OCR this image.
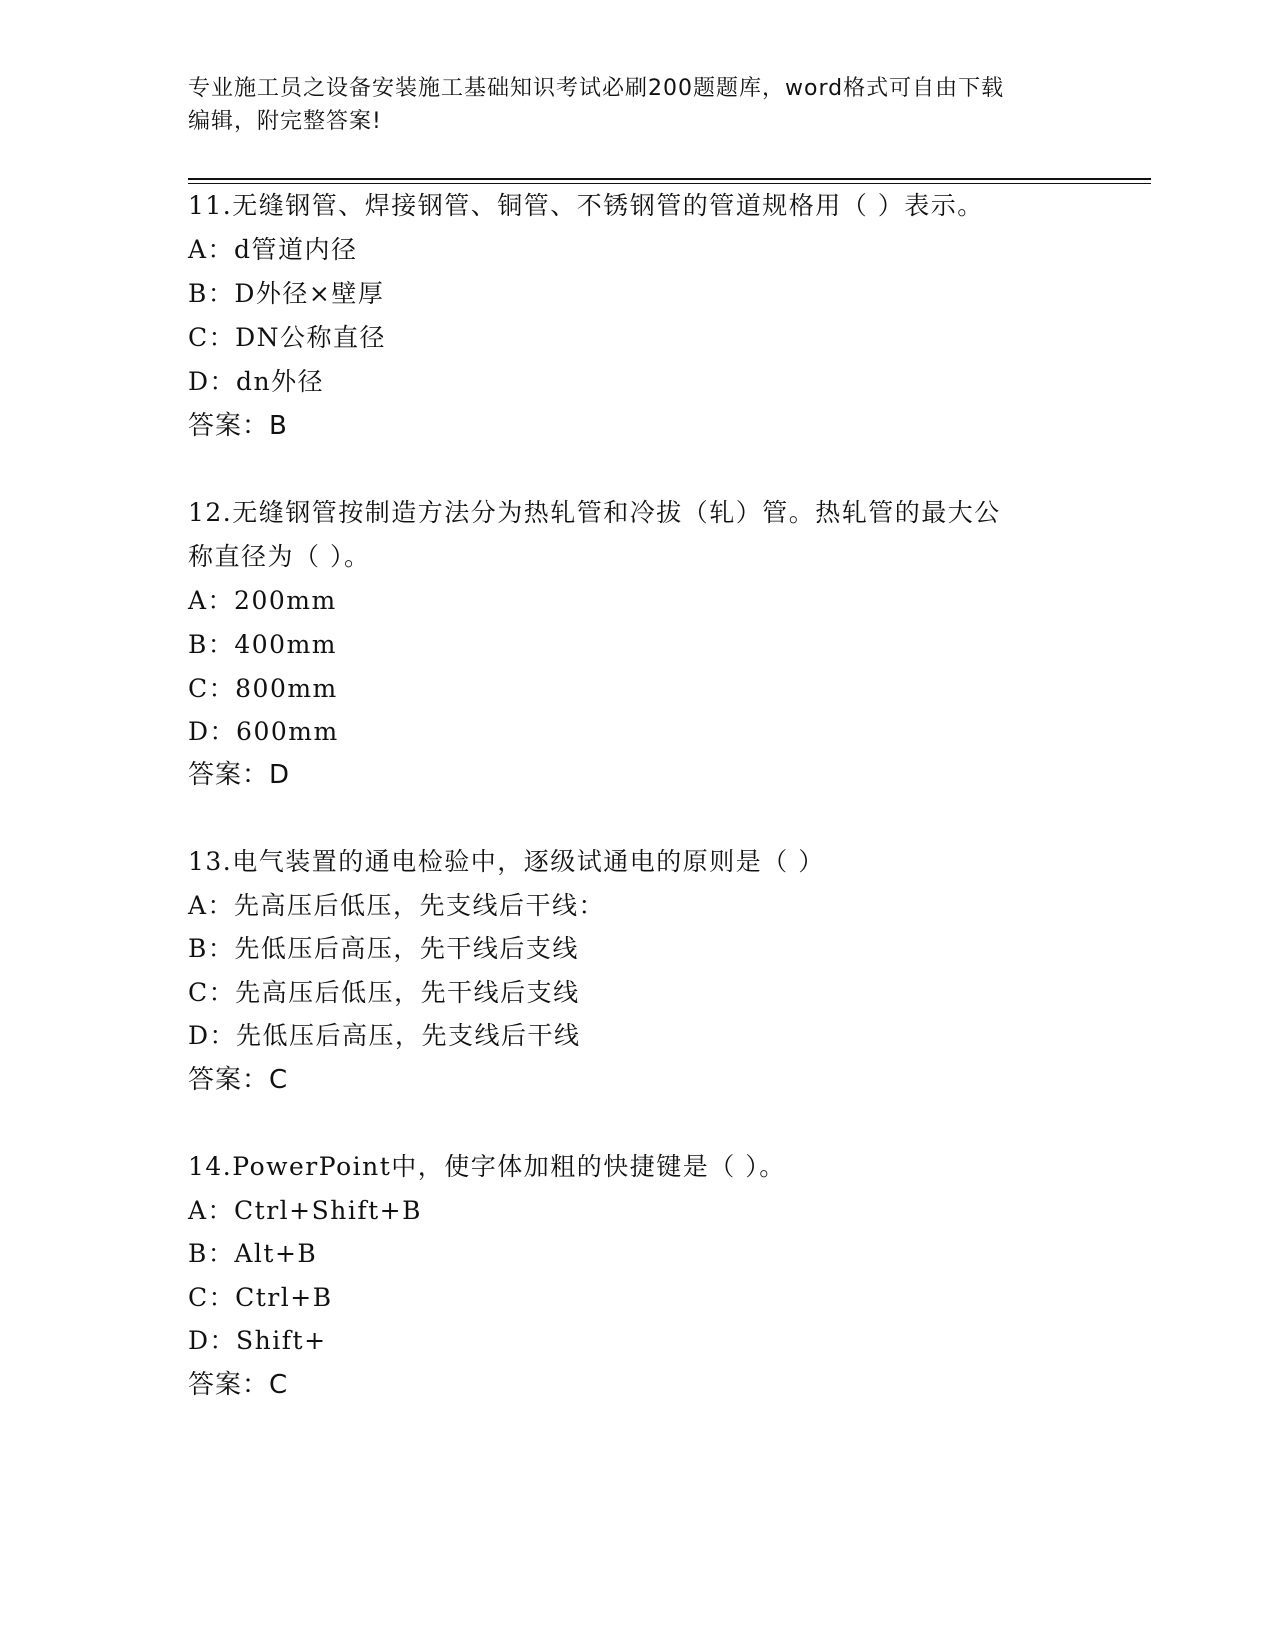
专业施工员之设备安装施工基础知识考试必刷200题题库，word格式可自由下载
编辑，附完整答案!
11.无缝钢管、焊接钢管、铜管、不锈钢管的管道规格用（ ）表示。
A：d管道内径
B：D外径×壁厚
C：DN公称直径
D：dn外径
答案：B
12.无缝钢管按制造方法分为热轧管和冷拔（轧）管。热轧管的最大公
称直径为（ ）。
A：200mm
B：400mm
C：800mm
D：600mm
答案：D
13.电气装置的通电检验中，逐级试通电的原则是（ ）
A：先高压后低压，先支线后干线：
B：先低压后高压，先干线后支线
C：先高压后低压，先干线后支线
D：先低压后高压，先支线后干线
答案：C
14.PowerPoint中，使字体加粗的快捷键是（ ）。
A：Ctrl+Shift+B
B：Alt+B
C：Ctrl+B
D：Shift+
答案：C
